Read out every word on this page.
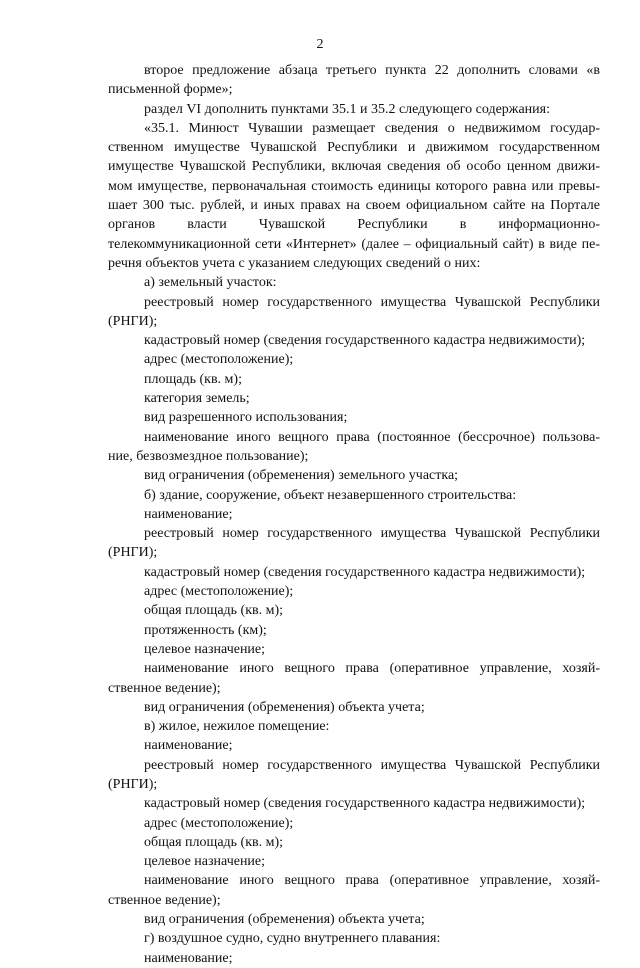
2
второе предложение абзаца третьего пункта 22 дополнить словами «в
письменной форме»;
раздел VI дополнить пунктами 35.1 и 35.2 следующего содержания:
«35.1. Минюст Чувашии размещает сведения о недвижимом государ-
ственном имуществе Чувашской Республики и движимом государственном
имуществе Чувашской Республики, включая сведения об особо ценном движи-
мом имуществе, первоначальная стоимость единицы которого равна или превы-
шает 300 тыс. рублей, и иных правах на своем официальном сайте на Портале
органов власти Чувашской Республики в информационно-
телекоммуникационной сети «Интернет» (далее – официальный сайт) в виде пе-
речня объектов учета с указанием следующих сведений о них:
а) земельный участок:
реестровый номер государственного имущества Чувашской Республики
(РНГИ);
кадастровый номер (сведения государственного кадастра недвижимости);
адрес (местоположение);
площадь (кв. м);
категория земель;
вид разрешенного использования;
наименование иного вещного права (постоянное (бессрочное) пользова-
ние, безвозмездное пользование);
вид ограничения (обременения) земельного участка;
б) здание, сооружение, объект незавершенного строительства:
наименование;
реестровый номер государственного имущества Чувашской Республики
(РНГИ);
кадастровый номер (сведения государственного кадастра недвижимости);
адрес (местоположение);
общая площадь (кв. м);
протяженность (км);
целевое назначение;
наименование иного вещного права (оперативное управление, хозяй-
ственное ведение);
вид ограничения (обременения) объекта учета;
в) жилое, нежилое помещение:
наименование;
реестровый номер государственного имущества Чувашской Республики
(РНГИ);
кадастровый номер (сведения государственного кадастра недвижимости);
адрес (местоположение);
общая площадь (кв. м);
целевое назначение;
наименование иного вещного права (оперативное управление, хозяй-
ственное ведение);
вид ограничения (обременения) объекта учета;
г) воздушное судно, судно внутреннего плавания:
наименование;
